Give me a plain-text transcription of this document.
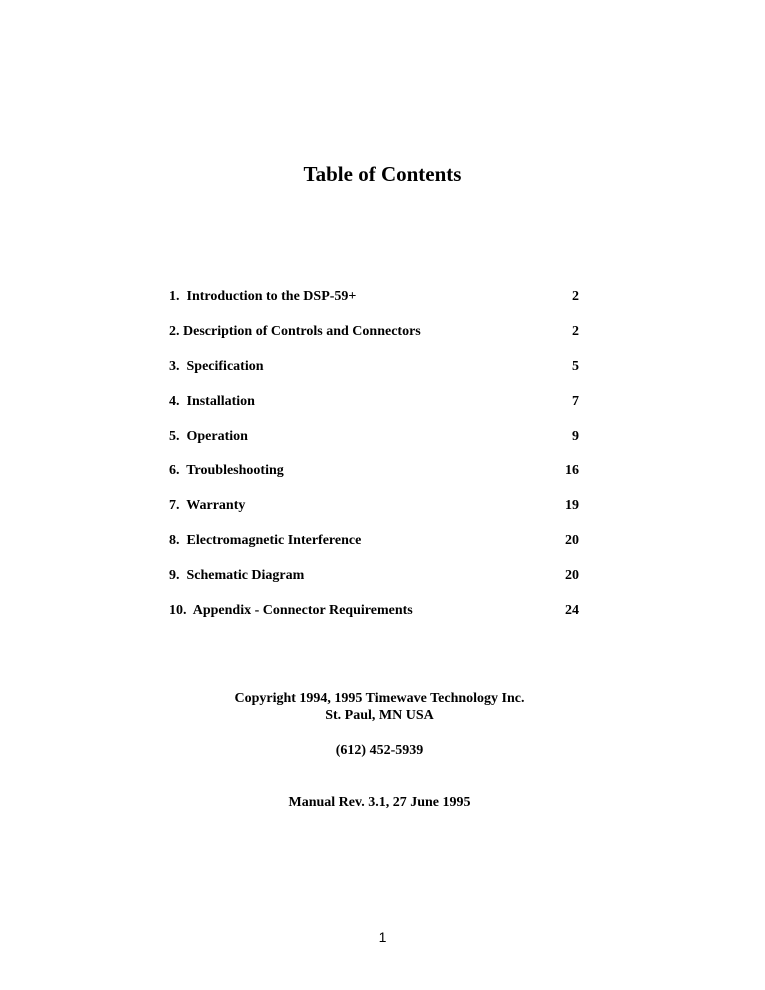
Table of Contents
1.  Introduction to the DSP-59+	2
2. Description of Controls and Connectors	2
3.  Specification	5
4.  Installation	7
5.  Operation	9
6.  Troubleshooting	16
7.  Warranty	19
8.  Electromagnetic Interference	20
9.  Schematic Diagram	20
10.  Appendix - Connector Requirements	24
Copyright 1994, 1995 Timewave Technology Inc.
St. Paul, MN USA
(612) 452-5939
Manual Rev. 3.1, 27 June 1995
1
